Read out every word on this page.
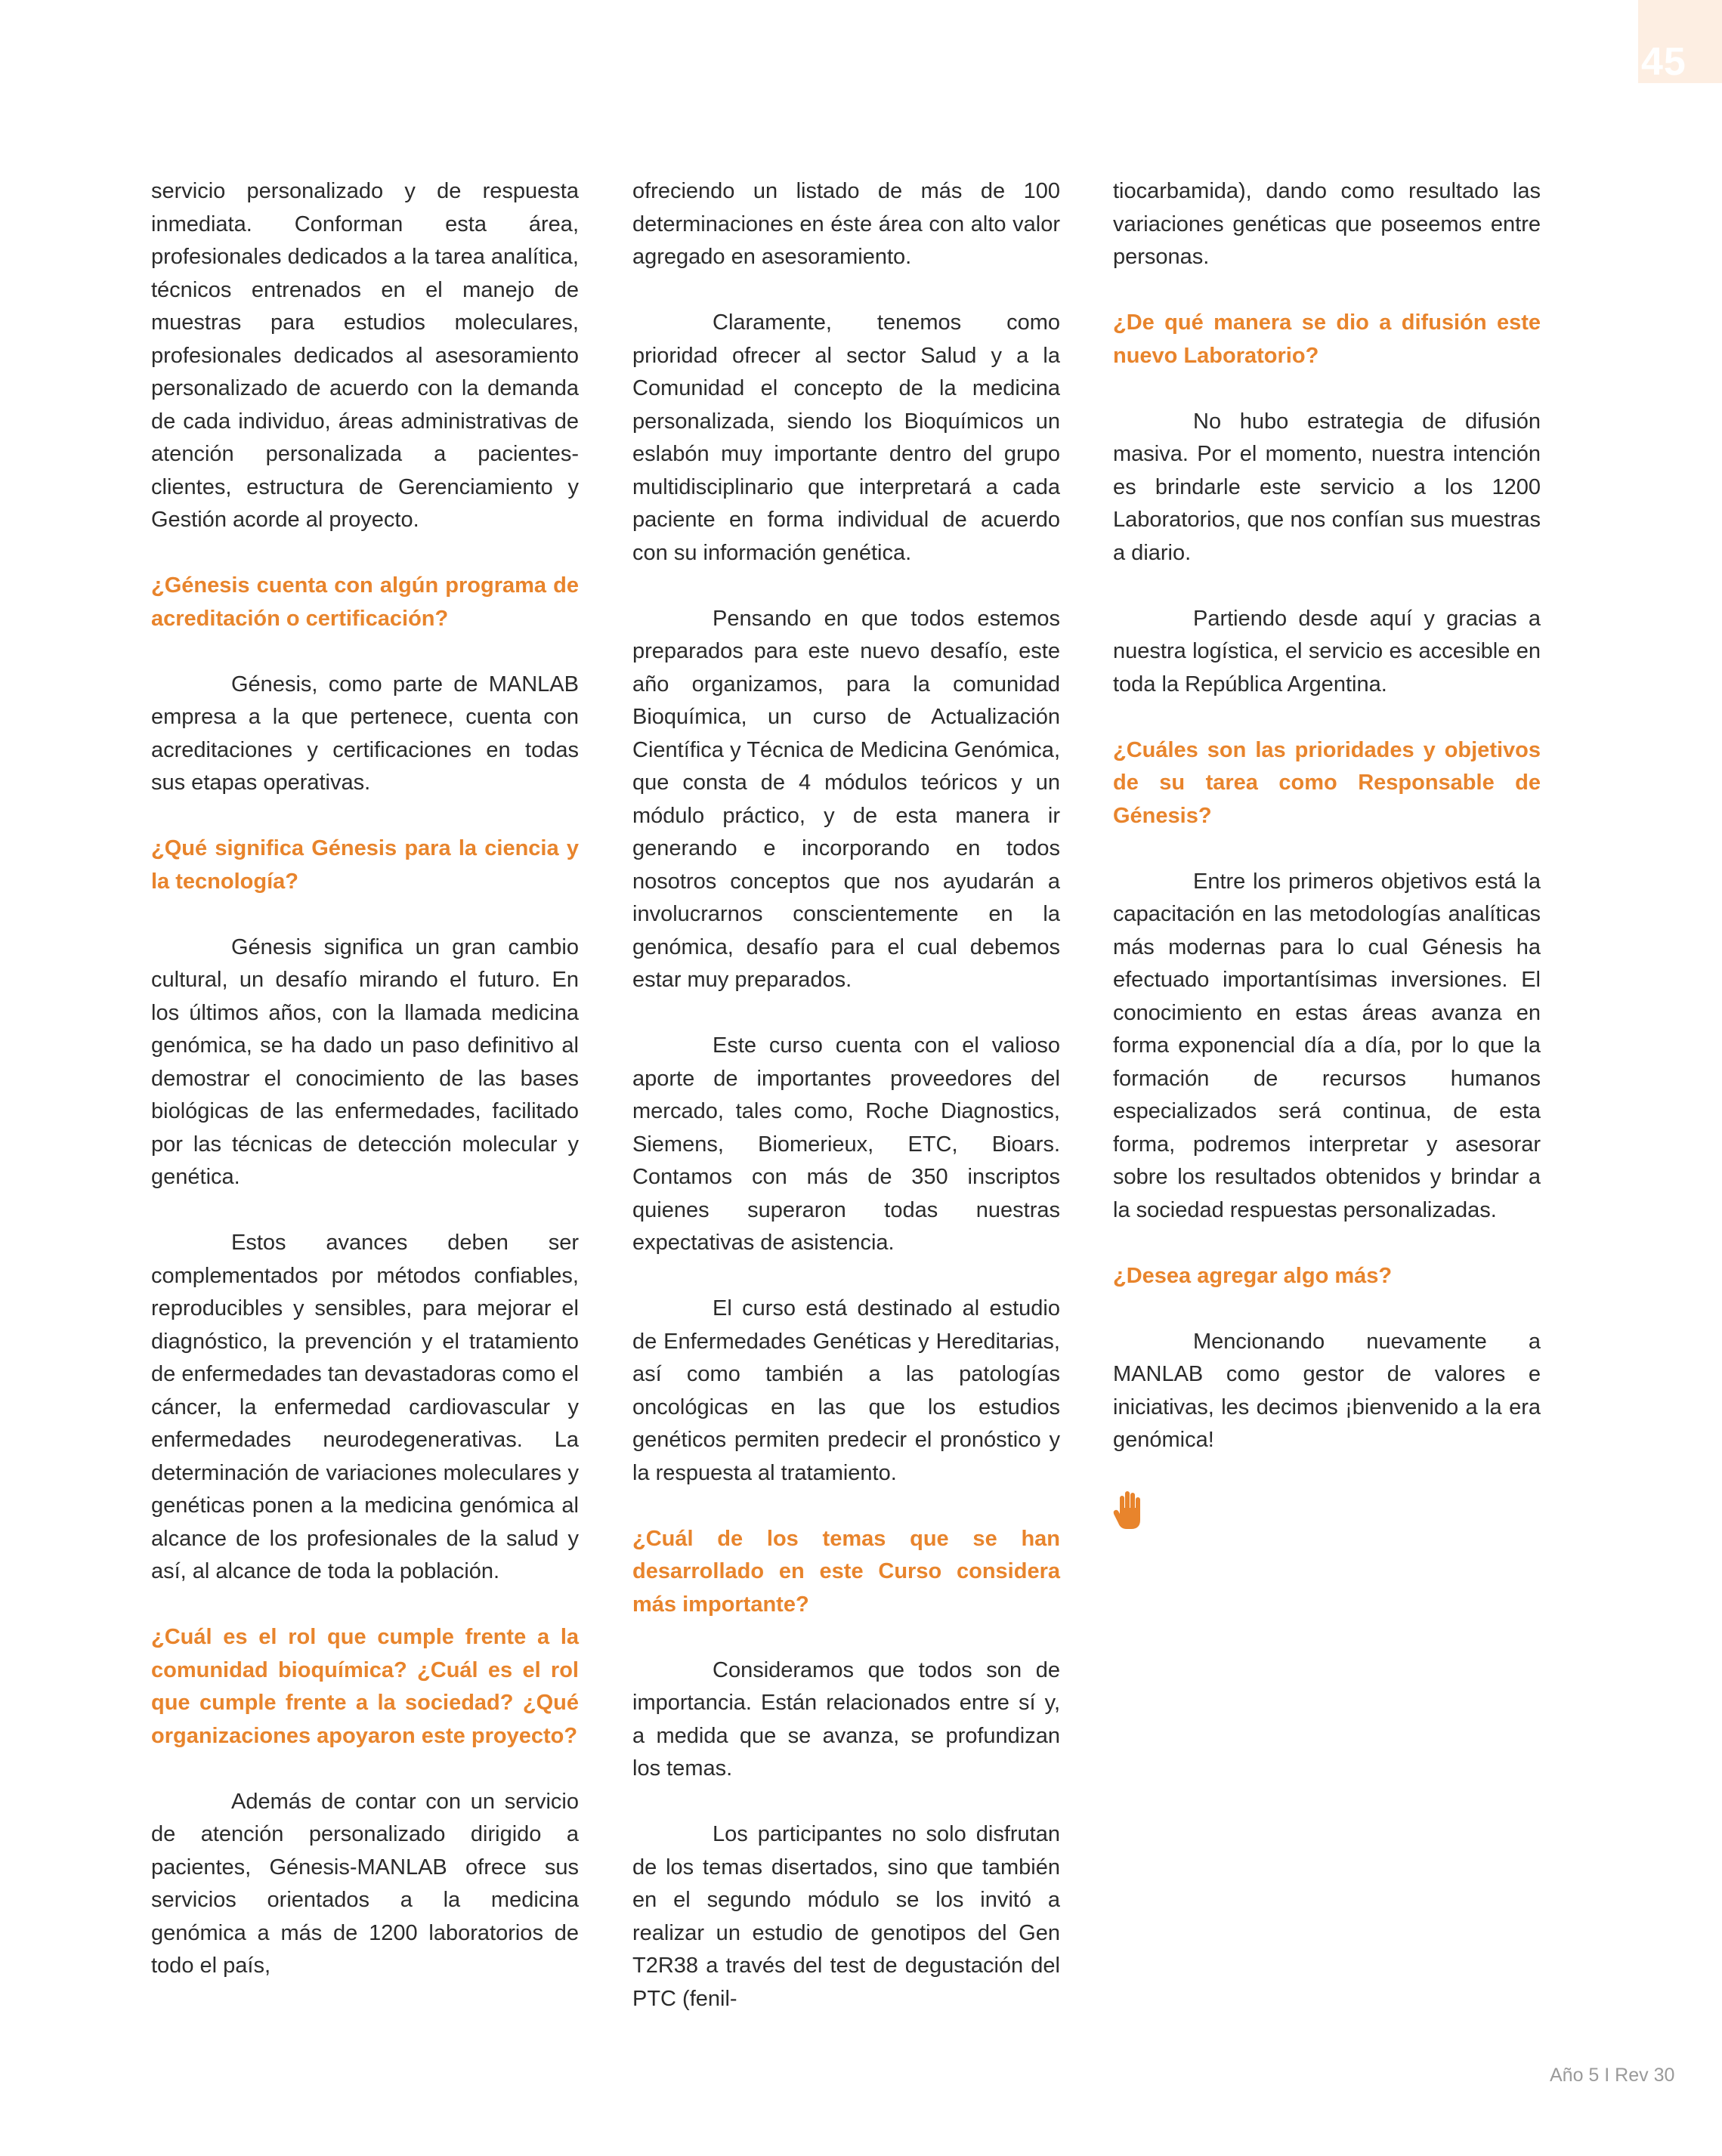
45

servicio personalizado y de respuesta inmediata. Conforman esta área, profesionales dedicados a la tarea analítica, técnicos entrenados en el manejo de muestras para estudios moleculares, profesionales dedicados al asesoramiento personalizado de acuerdo con la demanda de cada individuo, áreas administrativas de atención personalizada a pacientes-clientes, estructura de Gerenciamiento y Gestión acorde al proyecto.

¿Génesis cuenta con algún programa de acreditación o certificación?

Génesis, como parte de MANLAB empresa a la que pertenece, cuenta con acreditaciones y certificaciones en todas sus etapas operativas.

¿Qué significa Génesis para la ciencia y la tecnología?

Génesis significa un gran cambio cultural, un desafío mirando el futuro. En los últimos años, con la llamada medicina genómica, se ha dado un paso definitivo al demostrar el conocimiento de las bases biológicas de las enfermedades, facilitado por las técnicas de detección molecular y genética.

Estos avances deben ser complementados por métodos confiables, reproducibles y sensibles, para mejorar el diagnóstico, la prevención y el tratamiento de enfermedades tan devastadoras como el cáncer, la enfermedad cardiovascular y enfermedades neurodegenerativas. La determinación de variaciones moleculares y genéticas ponen a la medicina genómica al alcance de los profesionales de la salud y así, al alcance de toda la población.

¿Cuál es el rol que cumple frente a la comunidad bioquímica? ¿Cuál es el rol que cumple frente a la sociedad? ¿Qué organizaciones apoyaron este proyecto?

Además de contar con un servicio de atención personalizado dirigido a pacientes, Génesis-MANLAB ofrece sus servicios orientados a la medicina genómica a más de 1200 laboratorios de todo el país,

ofreciendo un listado de más de 100 determinaciones en éste área con alto valor agregado en asesoramiento.

Claramente, tenemos como prioridad ofrecer al sector Salud y a la Comunidad el concepto de la medicina personalizada, siendo los Bioquímicos un eslabón muy importante dentro del grupo multidisciplinario que interpretará a cada paciente en forma individual de acuerdo con su información genética.

Pensando en que todos estemos preparados para este nuevo desafío, este año organizamos, para la comunidad Bioquímica, un curso de Actualización Científica y Técnica de Medicina Genómica, que consta de 4 módulos teóricos y un módulo práctico, y de esta manera ir generando e incorporando en todos nosotros conceptos que nos ayudarán a involucrarnos conscientemente en la genómica, desafío para el cual debemos estar muy preparados.

Este curso cuenta con el valioso aporte de importantes proveedores del mercado, tales como, Roche Diagnostics, Siemens, Biomerieux, ETC, Bioars. Contamos con más de 350 inscriptos quienes superaron todas nuestras expectativas de asistencia.

El curso está destinado al estudio de Enfermedades Genéticas y Hereditarias, así como también a las patologías oncológicas en las que los estudios genéticos permiten predecir el pronóstico y la respuesta al tratamiento.

¿Cuál de los temas que se han desarrollado en este Curso considera más importante?

Consideramos que todos son de importancia. Están relacionados entre sí y, a medida que se avanza, se profundizan los temas.

Los participantes no solo disfrutan de los temas disertados, sino que también en el segundo módulo se los invitó a realizar un estudio de genotipos del Gen T2R38 a través del test de degustación del PTC (fenil-

tiocarbamida), dando como resultado las variaciones genéticas que poseemos entre personas.

¿De qué manera se dio a difusión este nuevo Laboratorio?

No hubo estrategia de difusión masiva. Por el momento, nuestra intención es brindarle este servicio a los 1200 Laboratorios, que nos confían sus muestras a diario.

Partiendo desde aquí y gracias a nuestra logística, el servicio es accesible en toda la República Argentina.

¿Cuáles son las prioridades y objetivos de su tarea como Responsable de Génesis?

Entre los primeros objetivos está la capacitación en las metodologías analíticas más modernas para lo cual Génesis ha efectuado importantísimas inversiones. El conocimiento en estas áreas avanza en forma exponencial día a día, por lo que la formación de recursos humanos especializados será continua, de esta forma, podremos interpretar y asesorar sobre los resultados obtenidos y brindar a la sociedad respuestas personalizadas.

¿Desea agregar algo más?

Mencionando nuevamente a MANLAB como gestor de valores e iniciativas, les decimos ¡bienvenido a la era genómica!

Año 5 I Rev 30
